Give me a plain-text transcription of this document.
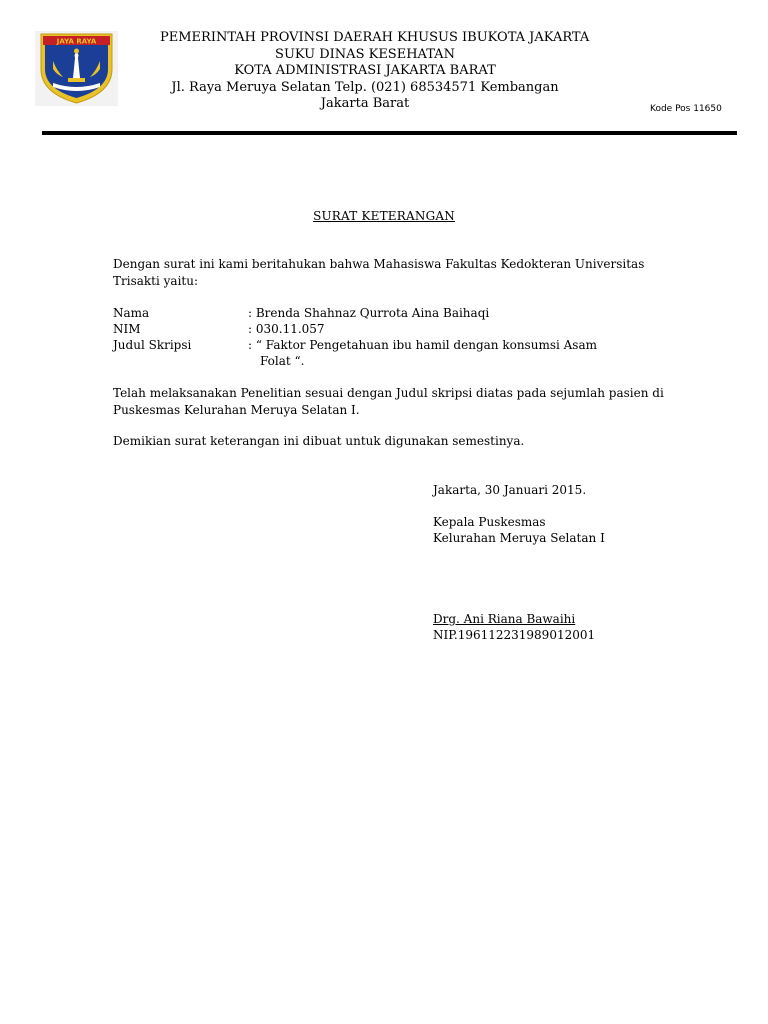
JAYA RAYA	PEMERINTAH PROVINSI DAERAH KHUSUS IBUKOTA JAKARTA
SUKU DINAS KESEHATAN
KOTA ADMINISTRASI JAKARTA BARAT
Jl. Raya Meruya Selatan Telp. (021) 68534571 Kembangan
Jakarta Barat	Kode Pos 11650
SURAT KETERANGAN
Dengan surat ini kami beritahukan bahwa Mahasiswa Fakultas Kedokteran Universitas Trisakti yaitu:
Nama	: Brenda Shahnaz Qurrota Aina Baihaqi
NIM	: 030.11.057
Judul Skripsi	: “ Faktor Pengetahuan ibu hamil dengan konsumsi Asam
Folat “.
Telah melaksanakan Penelitian sesuai dengan Judul skripsi diatas pada sejumlah pasien di Puskesmas Kelurahan Meruya Selatan I.
Demikian surat keterangan ini dibuat untuk digunakan semestinya.
Jakarta, 30 Januari 2015.
Kepala Puskesmas
Kelurahan Meruya Selatan I
Drg. Ani Riana Bawaihi
NIP.196112231989012001
